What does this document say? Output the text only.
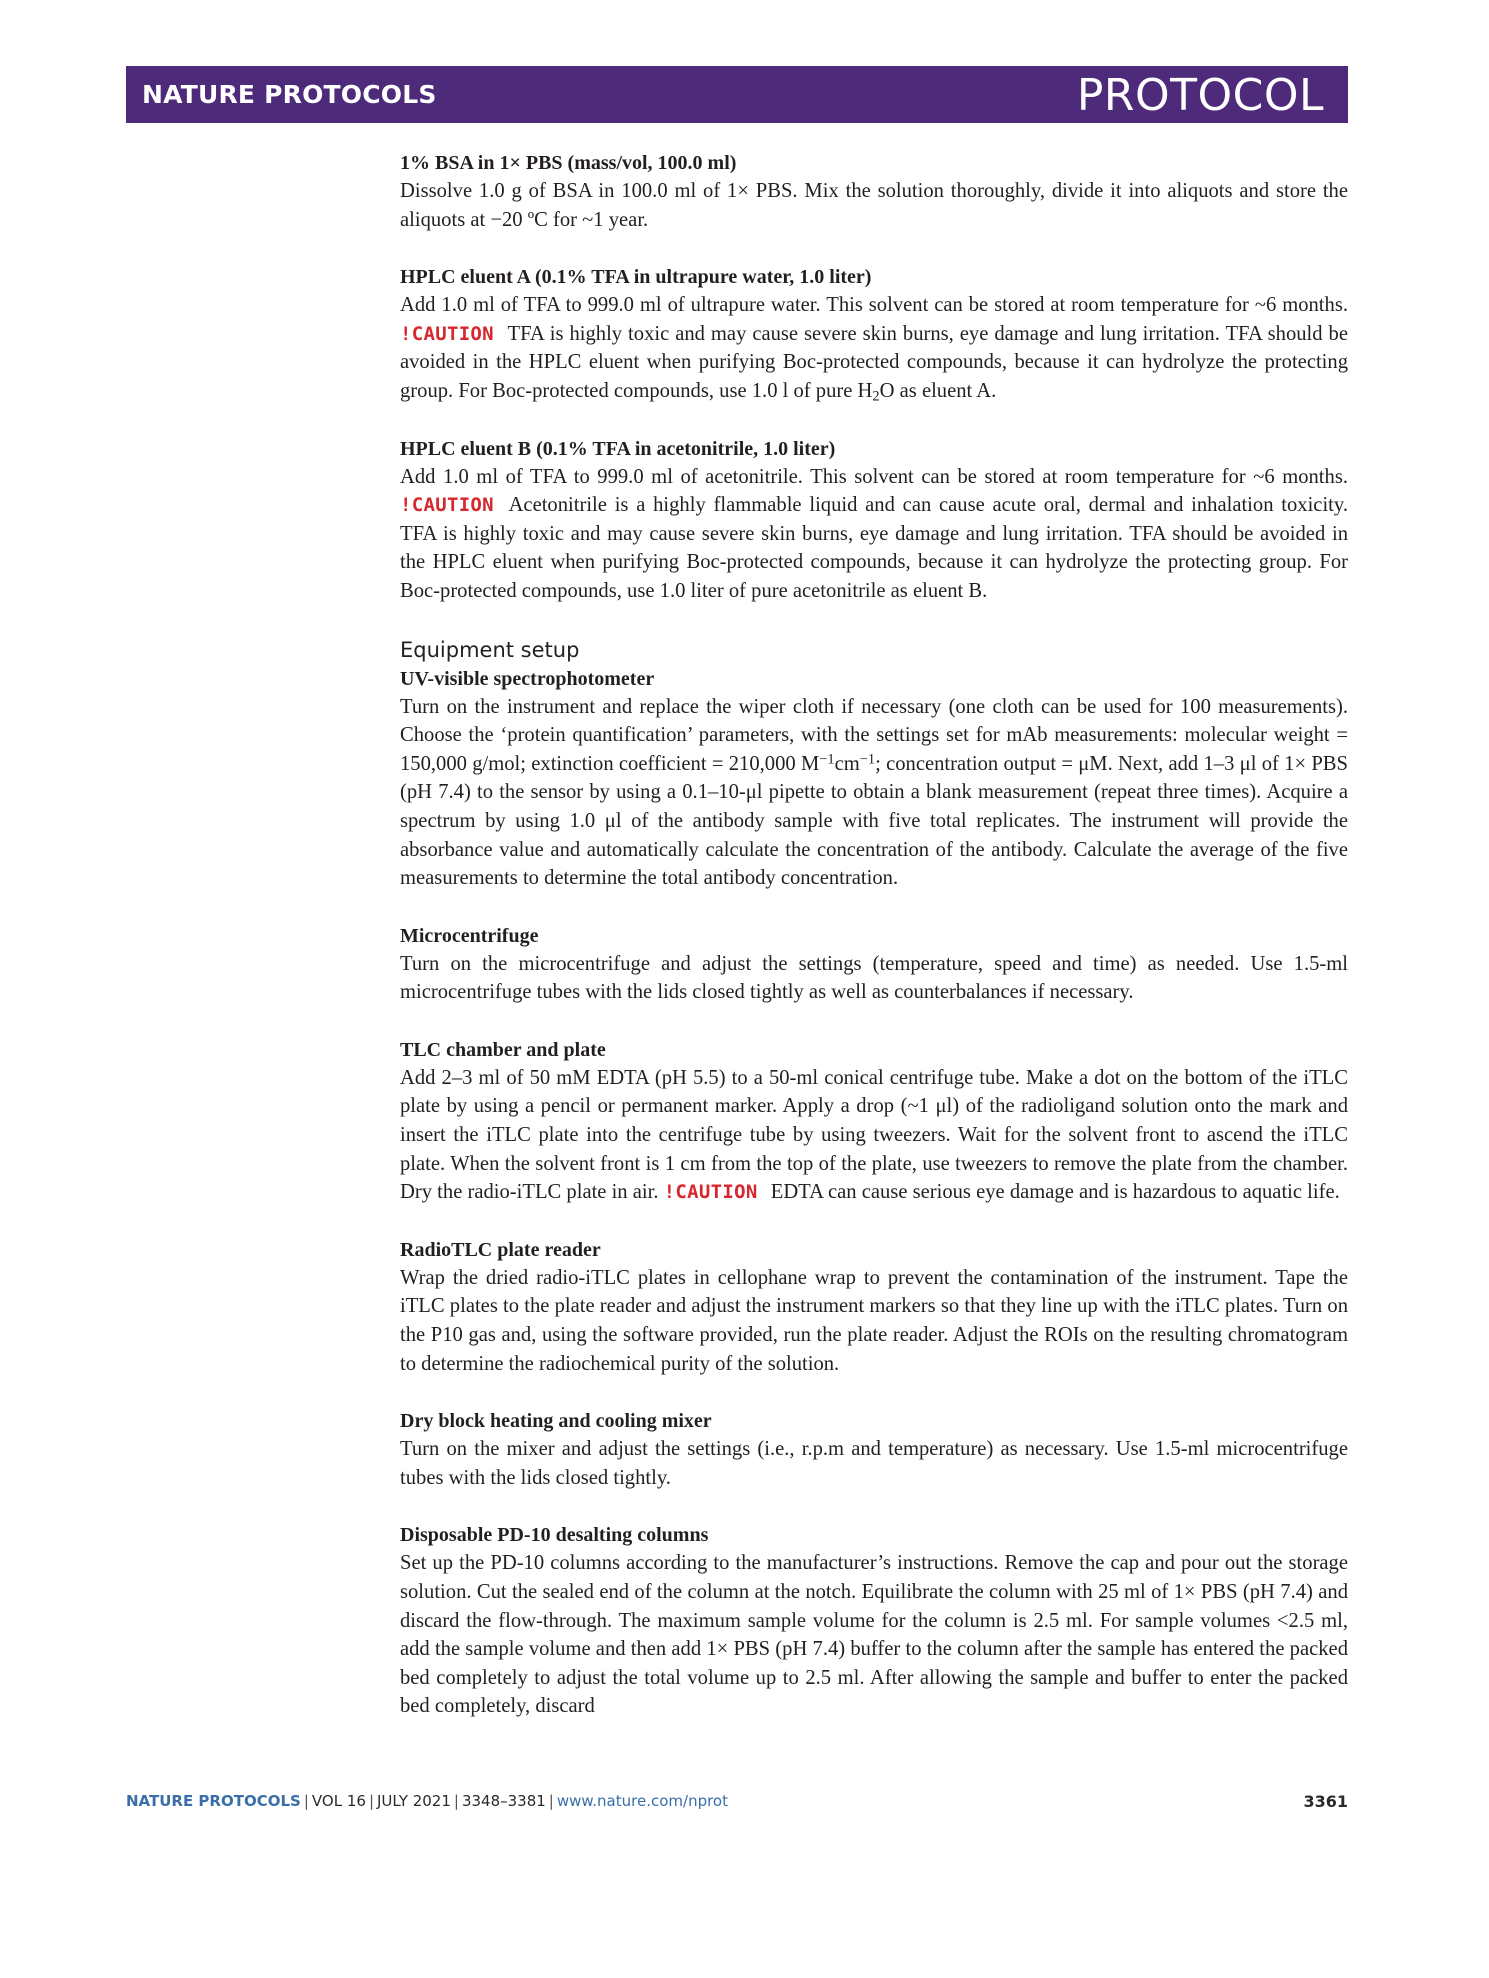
NATURE PROTOCOLS	PROTOCOL
1% BSA in 1× PBS (mass/vol, 100.0 ml)
Dissolve 1.0 g of BSA in 100.0 ml of 1× PBS. Mix the solution thoroughly, divide it into aliquots and store the aliquots at −20 ºC for ~1 year.
HPLC eluent A (0.1% TFA in ultrapure water, 1.0 liter)
Add 1.0 ml of TFA to 999.0 ml of ultrapure water. This solvent can be stored at room temperature for ~6 months. !CAUTION TFA is highly toxic and may cause severe skin burns, eye damage and lung irritation. TFA should be avoided in the HPLC eluent when purifying Boc-protected compounds, because it can hydrolyze the protecting group. For Boc-protected compounds, use 1.0 l of pure $H_2O$ as eluent A.
HPLC eluent B (0.1% TFA in acetonitrile, 1.0 liter)
Add 1.0 ml of TFA to 999.0 ml of acetonitrile. This solvent can be stored at room temperature for ~6 months. !CAUTION Acetonitrile is a highly flammable liquid and can cause acute oral, dermal and inhalation toxicity. TFA is highly toxic and may cause severe skin burns, eye damage and lung irritation. TFA should be avoided in the HPLC eluent when purifying Boc-protected compounds, because it can hydrolyze the protecting group. For Boc-protected compounds, use 1.0 liter of pure acetonitrile as eluent B.
Equipment setup
UV-visible spectrophotometer
Turn on the instrument and replace the wiper cloth if necessary (one cloth can be used for 100 measurements). Choose the ‘protein quantification’ parameters, with the settings set for mAb measurements: molecular weight = 150,000 g/mol; extinction coefficient = 210,000 $M^{-1}cm^{-1}$; concentration output = μM. Next, add 1–3 μl of 1× PBS (pH 7.4) to the sensor by using a 0.1–10-μl pipette to obtain a blank measurement (repeat three times). Acquire a spectrum by using 1.0 μl of the antibody sample with five total replicates. The instrument will provide the absorbance value and automatically calculate the concentration of the antibody. Calculate the average of the five measurements to determine the total antibody concentration.
Microcentrifuge
Turn on the microcentrifuge and adjust the settings (temperature, speed and time) as needed. Use 1.5-ml microcentrifuge tubes with the lids closed tightly as well as counterbalances if necessary.
TLC chamber and plate
Add 2–3 ml of 50 mM EDTA (pH 5.5) to a 50-ml conical centrifuge tube. Make a dot on the bottom of the iTLC plate by using a pencil or permanent marker. Apply a drop (~1 μl) of the radioligand solution onto the mark and insert the iTLC plate into the centrifuge tube by using tweezers. Wait for the solvent front to ascend the iTLC plate. When the solvent front is 1 cm from the top of the plate, use tweezers to remove the plate from the chamber. Dry the radio-iTLC plate in air. !CAUTION EDTA can cause serious eye damage and is hazardous to aquatic life.
RadioTLC plate reader
Wrap the dried radio-iTLC plates in cellophane wrap to prevent the contamination of the instrument. Tape the iTLC plates to the plate reader and adjust the instrument markers so that they line up with the iTLC plates. Turn on the P10 gas and, using the software provided, run the plate reader. Adjust the ROIs on the resulting chromatogram to determine the radiochemical purity of the solution.
Dry block heating and cooling mixer
Turn on the mixer and adjust the settings (i.e., r.p.m and temperature) as necessary. Use 1.5-ml microcentrifuge tubes with the lids closed tightly.
Disposable PD-10 desalting columns
Set up the PD-10 columns according to the manufacturer’s instructions. Remove the cap and pour out the storage solution. Cut the sealed end of the column at the notch. Equilibrate the column with 25 ml of 1× PBS (pH 7.4) and discard the flow-through. The maximum sample volume for the column is 2.5 ml. For sample volumes <2.5 ml, add the sample volume and then add 1× PBS (pH 7.4) buffer to the column after the sample has entered the packed bed completely to adjust the total volume up to 2.5 ml. After allowing the sample and buffer to enter the packed bed completely, discard
NATURE PROTOCOLS | VOL 16 | JULY 2021 | 3348–3381 | www.nature.com/nprot	3361
